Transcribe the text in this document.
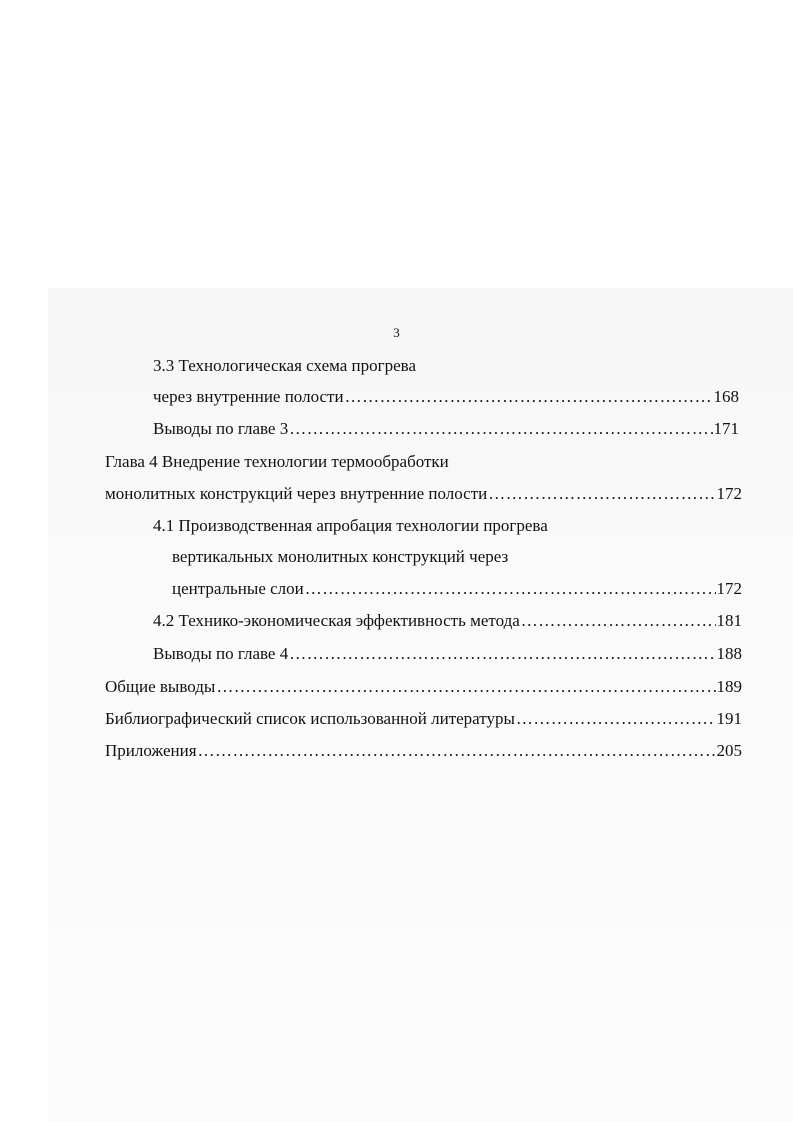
3
3.3 Технологическая схема прогрева
через внутренние полости ……………………………………………………………………………………………………………………………………………………………………………………………………	168
Выводы по главе 3 ……………………………………………………………………………………………………………………………………………………………………………………………………	171
Глава 4 Внедрение технологии термообработки
монолитных конструкций через внутренние полости ……………………………………………………………………………………………………………………………………………………………………………………………………	172
4.1 Производственная апробация технологии прогрева
вертикальных монолитных конструкций через
центральные слои ……………………………………………………………………………………………………………………………………………………………………………………………………	172
4.2 Технико-экономическая эффективность метода ……………………………………………………………………………………………………………………………………………………………………………………………………	181
Выводы по главе 4 ……………………………………………………………………………………………………………………………………………………………………………………………………	188
Общие выводы ……………………………………………………………………………………………………………………………………………………………………………………………………	189
Библиографический список использованной литературы ……………………………………………………………………………………………………………………………………………………………………………………………………	191
Приложения ……………………………………………………………………………………………………………………………………………………………………………………………………	205
